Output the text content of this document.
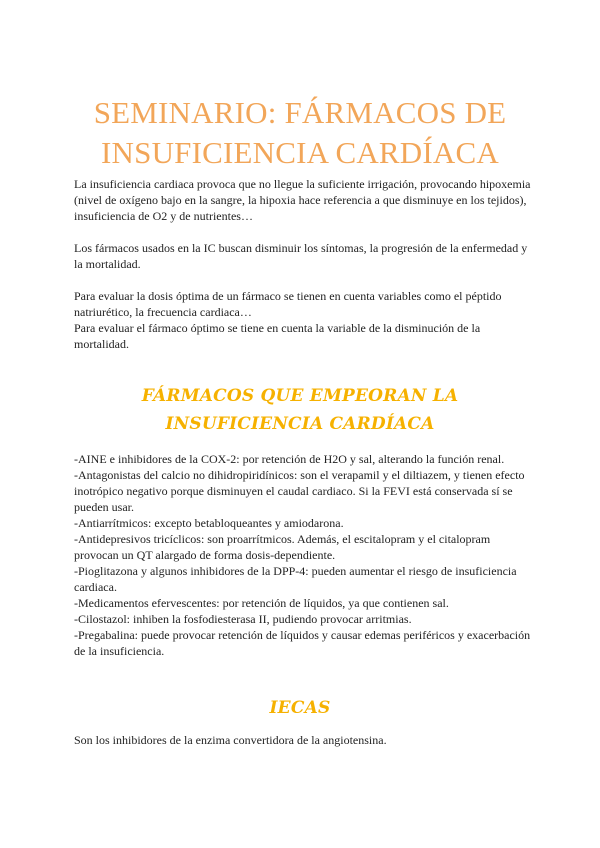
SEMINARIO: FÁRMACOS DE
INSUFICIENCIA CARDÍACA

La insuficiencia cardiaca provoca que no llegue la suficiente irrigación, provocando hipoxemia (nivel de oxígeno bajo en la sangre, la hipoxia hace referencia a que disminuye en los tejidos), insuficiencia de O2 y de nutrientes…

Los fármacos usados en la IC buscan disminuir los síntomas, la progresión de la enfermedad y la mortalidad.

Para evaluar la dosis óptima de un fármaco se tienen en cuenta variables como el péptido natriurético, la frecuencia cardiaca…

Para evaluar el fármaco óptimo se tiene en cuenta la variable de la disminución de la mortalidad.

FÁRMACOS QUE EMPEORAN LA
INSUFICIENCIA CARDÍACA
-AINE e inhibidores de la COX-2: por retención de H2O y sal, alterando la función renal.
-Antagonistas del calcio no dihidropiridínicos: son el verapamil y el diltiazem, y tienen efecto inotrópico negativo porque disminuyen el caudal cardiaco. Si la FEVI está conservada sí se pueden usar.
-Antiarrítmicos: excepto betabloqueantes y amiodarona.
-Antidepresivos tricíclicos: son proarrítmicos. Además, el escitalopram y el citalopram provocan un QT alargado de forma dosis-dependiente.
-Pioglitazona y algunos inhibidores de la DPP-4: pueden aumentar el riesgo de insuficiencia cardiaca.
-Medicamentos efervescentes: por retención de líquidos, ya que contienen sal.
-Cilostazol: inhiben la fosfodiesterasa II, pudiendo provocar arritmias.
-Pregabalina: puede provocar retención de líquidos y causar edemas periféricos y exacerbación de la insuficiencia.
IECAS

Son los inhibidores de la enzima convertidora de la angiotensina.
